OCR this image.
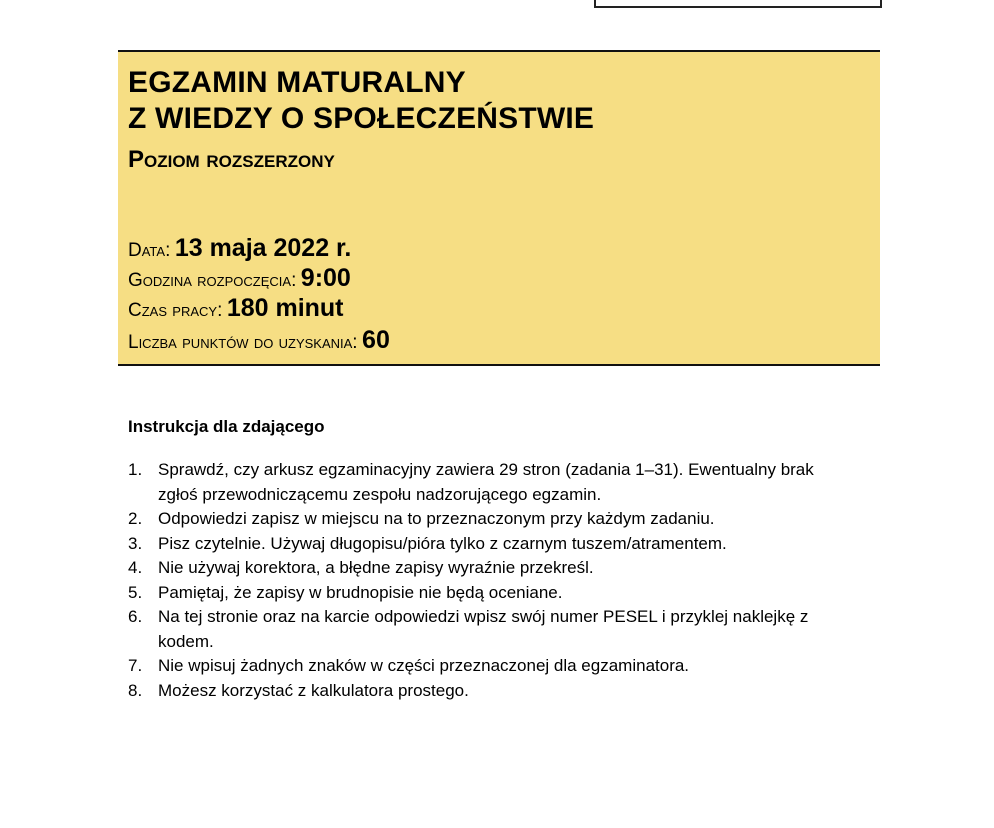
EGZAMIN MATURALNY
Z WIEDZY O SPOŁECZEŃSTWIE
Poziom rozszerzony
Data: 13 maja 2022 r.
Godzina rozpoczęcia: 9:00
Czas pracy: 180 minut
Liczba punktów do uzyskania: 60
Instrukcja dla zdającego
1. Sprawdź, czy arkusz egzaminacyjny zawiera 29 stron (zadania 1–31). Ewentualny brak zgłoś przewodniczącemu zespołu nadzorującego egzamin.
2. Odpowiedzi zapisz w miejscu na to przeznaczonym przy każdym zadaniu.
3. Pisz czytelnie. Używaj długopisu/pióra tylko z czarnym tuszem/atramentem.
4. Nie używaj korektora, a błędne zapisy wyraźnie przekreśl.
5. Pamiętaj, że zapisy w brudnopisie nie będą oceniane.
6. Na tej stronie oraz na karcie odpowiedzi wpisz swój numer PESEL i przyklej naklejkę z kodem.
7. Nie wpisuj żadnych znaków w części przeznaczonej dla egzaminatora.
8. Możesz korzystać z kalkulatora prostego.
